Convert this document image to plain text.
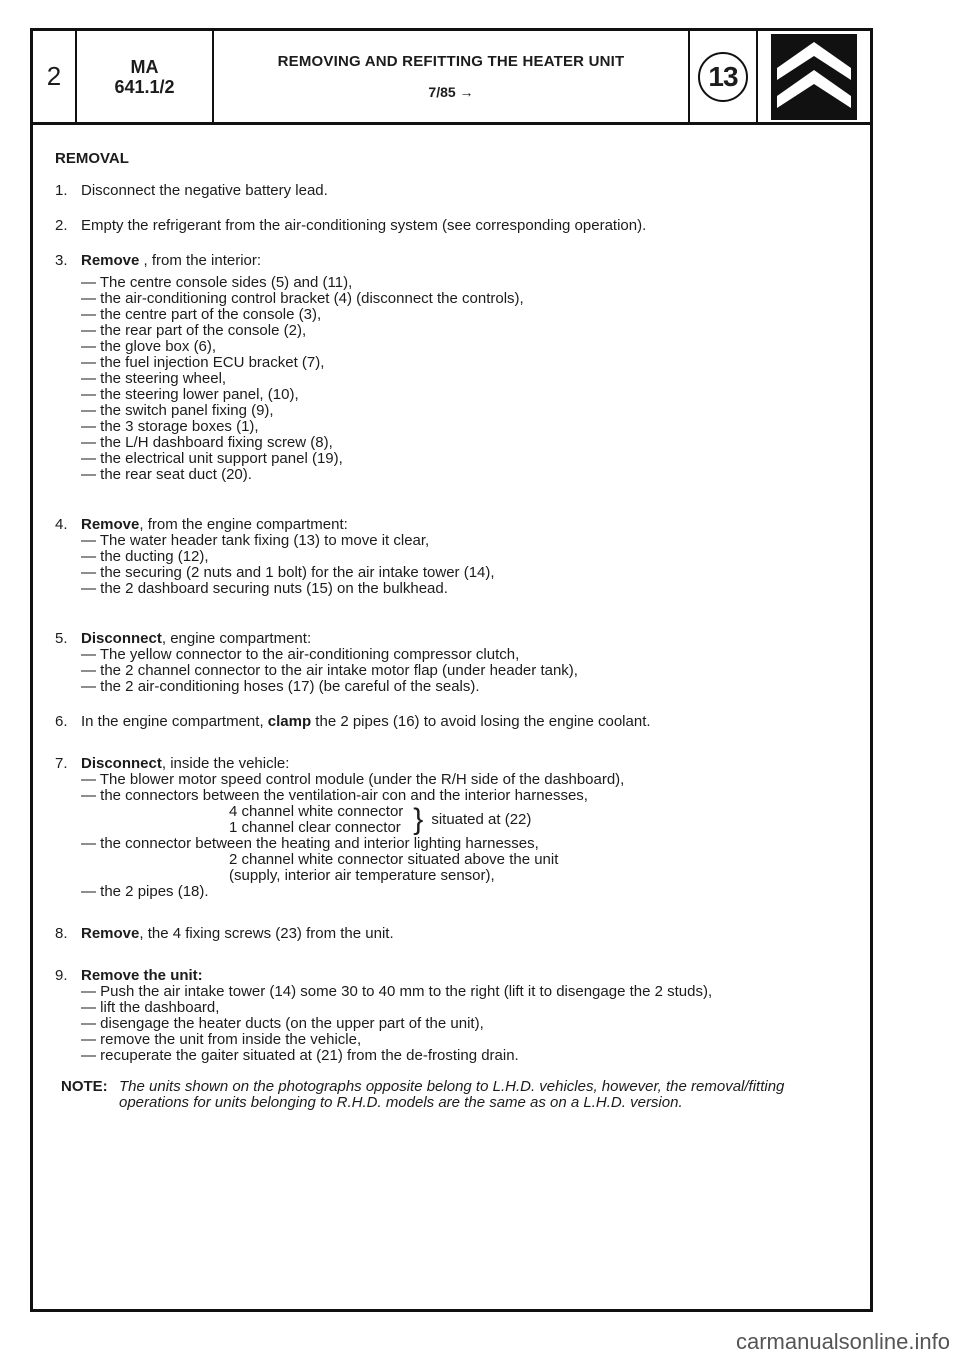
2	MA
641.1/2
REMOVING AND REFITTING THE HEATER UNIT
7/85 →
13
REMOVAL
1. Disconnect the negative battery lead.
2. Empty the refrigerant from the air-conditioning system (see corresponding operation).
3. Remove , from the interior:
— The centre console sides (5) and (11),
— the air-conditioning control bracket (4) (disconnect the controls),
— the centre part of the console (3),
— the rear part of the console (2),
— the glove box (6),
— the fuel injection ECU bracket (7),
— the steering wheel,
— the steering lower panel, (10),
— the switch panel fixing (9),
— the 3 storage boxes (1),
— the L/H dashboard fixing screw (8),
— the electrical unit support panel (19),
— the rear seat duct (20).
4. Remove, from the engine compartment:
— The water header tank fixing (13) to move it clear,
— the ducting (12),
— the securing (2 nuts and 1 bolt) for the air intake tower (14),
— the 2 dashboard securing nuts (15) on the bulkhead.
5. Disconnect, engine compartment:
— The yellow connector to the air-conditioning compressor clutch,
— the 2 channel connector to the air intake motor flap (under header tank),
— the 2 air-conditioning hoses (17) (be careful of the seals).
6. In the engine compartment, clamp the 2 pipes (16) to avoid losing the engine coolant.
7. Disconnect, inside the vehicle:
— The blower motor speed control module (under the R/H side of the dashboard),
— the connectors between the ventilation-air con and the interior harnesses,
4 channel white connector
1 channel clear connector } situated at (22)
— the connector between the heating and interior lighting harnesses,
2 channel white connector situated above the unit
(supply, interior air temperature sensor),
— the 2 pipes (18).
8. Remove, the 4 fixing screws (23) from the unit.
9. Remove the unit:
— Push the air intake tower (14) some 30 to 40 mm to the right (lift it to disengage the 2 studs),
— lift the dashboard,
— disengage the heater ducts (on the upper part of the unit),
— remove the unit from inside the vehicle,
— recuperate the gaiter situated at (21) from the de-frosting drain.
NOTE: The units shown on the photographs opposite belong to L.H.D. vehicles, however, the removal/fitting
operations for units belonging to R.H.D. models are the same as on a L.H.D. version.
carmanualsonline.info
